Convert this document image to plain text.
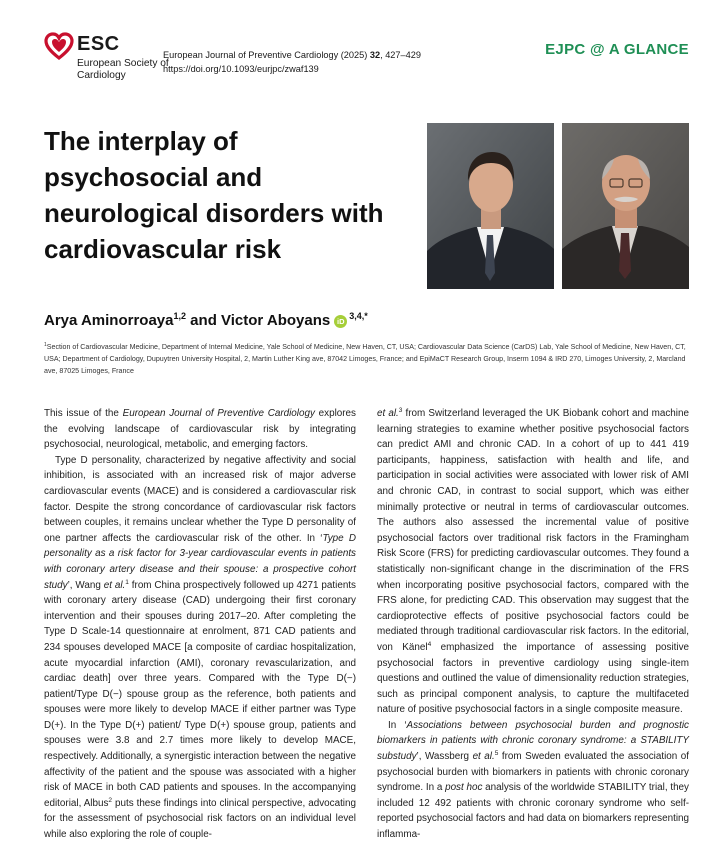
ESC
European Society of Cardiology
European Journal of Preventive Cardiology (2025) 32, 427–429
https://doi.org/10.1093/eurjpc/zwaf139
EJPC @ A GLANCE
The interplay of psychosocial and neurological disorders with cardiovascular risk
Arya Aminorroaya$^{1,2}$ and Victor Aboyans $iD^{3,4,*}$
$^1$Section of Cardiovascular Medicine, Department of Internal Medicine, Yale School of Medicine, New Haven, CT, USA; Cardiovascular Data Science (CarDS) Lab, Yale School of Medicine, New Haven, CT, USA; Department of Cardiology, Dupuytren University Hospital, 2, Martin Luther King ave, 87042 Limoges, France; and EpiMaCT Research Group, Inserm 1094 & IRD 270, Limoges University, 2, Marcland ave, 87025 Limoges, France

This issue of the European Journal of Preventive Cardiology explores the evolving landscape of cardiovascular risk by integrating psychosocial, neurological, metabolic, and emerging factors.

Type D personality, characterized by negative affectivity and social inhibition, is associated with an increased risk of major adverse cardiovascular events (MACE) and is considered a cardiovascular risk factor. Despite the strong concordance of cardiovascular risk factors between couples, it remains unclear whether the Type D personality of one partner affects the cardiovascular risk of the other. In ‘Type D personality as a risk factor for 3-year cardiovascular events in patients with coronary artery disease and their spouse: a prospective cohort study’, Wang et al.$^1$ from China prospectively followed up 4271 patients with coronary artery disease (CAD) undergoing their first coronary intervention and their spouses during 2017–20. After completing the Type D Scale-14 questionnaire at enrolment, 871 CAD patients and 234 spouses developed MACE [a composite of cardiac hospitalization, acute myocardial infarction (AMI), coronary revascularization, and cardiac death] over three years. Compared with the Type D(−) patient/Type D(−) spouse group as the reference, both patients and spouses were more likely to develop MACE if either partner was Type D(+). In the Type D(+) patient/ Type D(+) spouse group, patients and spouses were 3.8 and 2.7 times more likely to develop MACE, respectively. Additionally, a synergistic interaction between the negative affectivity of the patient and the spouse was associated with a higher risk of MACE in both CAD patients and spouses. In the accompanying editorial, Albus$^2$ puts these findings into clinical perspective, advocating for the assessment of psychosocial risk factors on an individual level while also exploring the role of couple-

et al.$^3$ from Switzerland leveraged the UK Biobank cohort and machine learning strategies to examine whether positive psychosocial factors can predict AMI and chronic CAD. In a cohort of up to 441 419 participants, happiness, satisfaction with health and life, and participation in social activities were associated with lower risk of AMI and chronic CAD, in contrast to social support, which was either minimally protective or neutral in terms of cardiovascular outcomes. The authors also assessed the incremental value of positive psychosocial factors over traditional risk factors in the Framingham Risk Score (FRS) for predicting cardiovascular outcomes. They found a statistically non-significant change in the discrimination of the FRS when incorporating positive psychosocial factors, compared with the FRS alone, for predicting CAD. This observation may suggest that the cardioprotective effects of positive psychosocial factors could be mediated through traditional cardiovascular risk factors. In the editorial, von Känel$^4$ emphasized the importance of assessing positive psychosocial factors in preventive cardiology using single-item questions and outlined the value of dimensionality reduction strategies, such as principal component analysis, to capture the multifaceted nature of positive psychosocial factors in a single composite measure.

In ‘Associations between psychosocial burden and prognostic biomarkers in patients with chronic coronary syndrome: a STABILITY substudy’, Wassberg et al.$^5$ from Sweden evaluated the association of psychosocial burden with biomarkers in patients with chronic coronary syndrome. In a post hoc analysis of the worldwide STABILITY trial, they included 12 492 patients with chronic coronary syndrome who self-reported psychosocial factors and had data on biomarkers representing inflamma-
